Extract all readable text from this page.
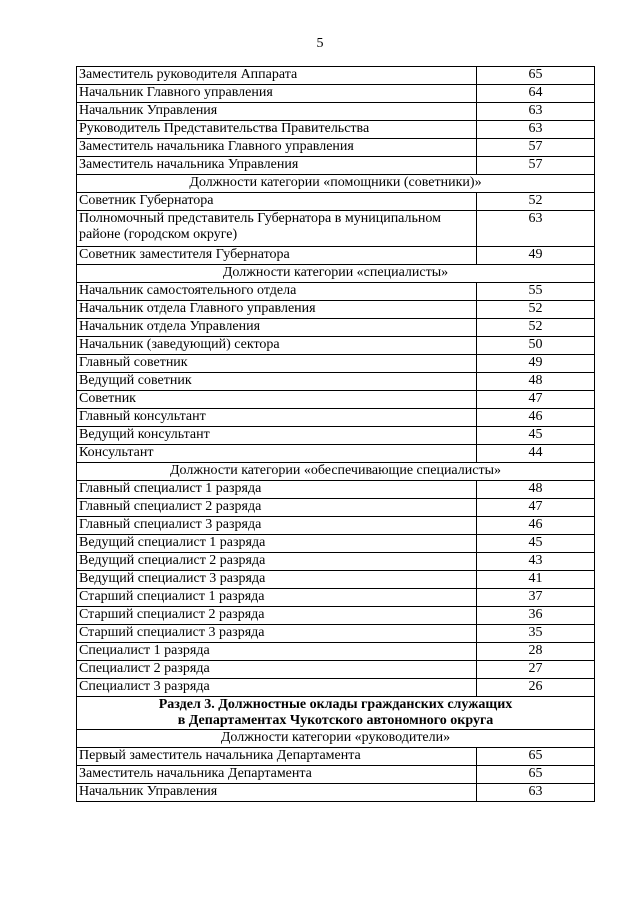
5
Заместитель руководителя Аппарата	65
Начальник Главного управления	64
Начальник Управления	63
Руководитель Представительства Правительства	63
Заместитель начальника Главного управления	57
Заместитель начальника Управления	57
Должности категории «помощники (советники)»	
Советник Губернатора	52
Полномочный представитель Губернатора в муниципальном районе (городском округе)	63
Советник заместителя Губернатора	49
Должности категории «специалисты»	
Начальник самостоятельного отдела	55
Начальник отдела Главного управления	52
Начальник отдела Управления	52
Начальник (заведующий) сектора	50
Главный советник	49
Ведущий советник	48
Советник	47
Главный консультант	46
Ведущий консультант	45
Консультант	44
Должности категории «обеспечивающие специалисты»	
Главный специалист 1 разряда	48
Главный специалист 2 разряда	47
Главный специалист 3 разряда	46
Ведущий специалист 1 разряда	45
Ведущий специалист 2 разряда	43
Ведущий специалист 3 разряда	41
Старший специалист 1 разряда	37
Старший специалист 2 разряда	36
Старший специалист 3 разряда	35
Специалист 1 разряда	28
Специалист 2 разряда	27
Специалист 3 разряда	26

Раздел 3. Должностные оклады гражданских служащих
в Департаментах Чукотского автономного округа	

Должности категории «руководители»	
Первый заместитель начальника Департамента	65
Заместитель начальника Департамента	65
Начальник Управления	63
